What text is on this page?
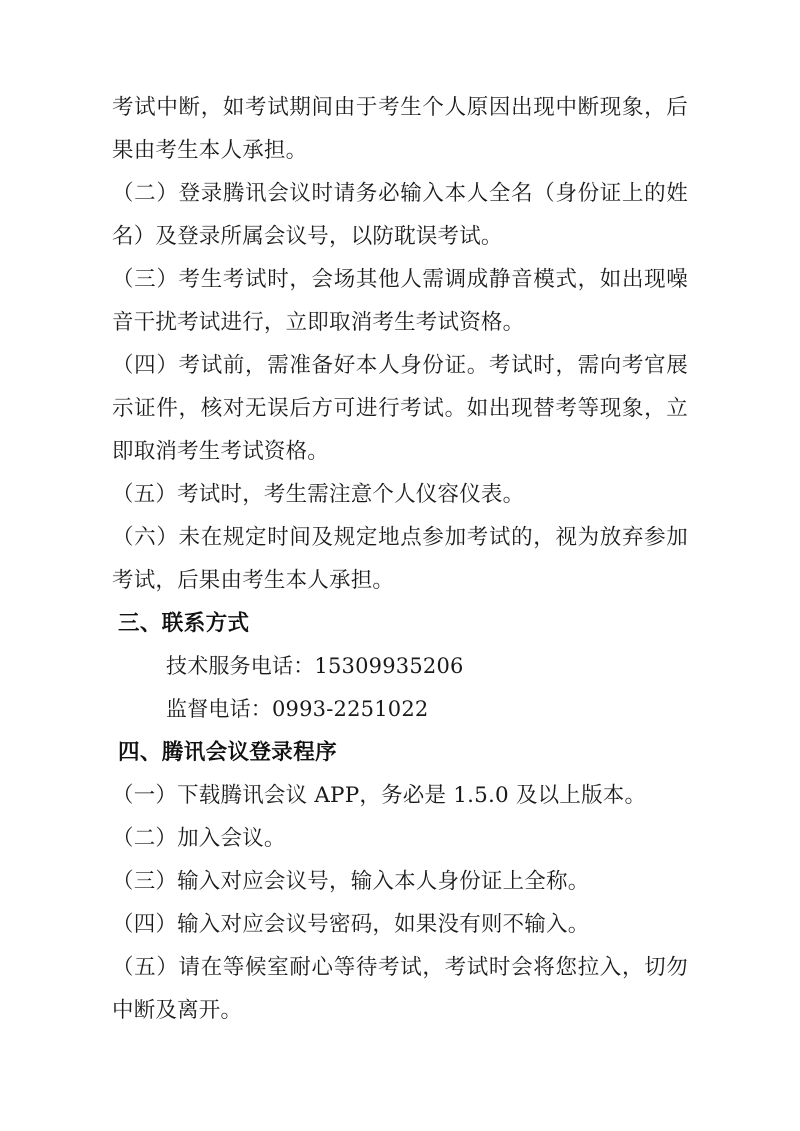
考试中断，如考试期间由于考生个人原因出现中断现象，后果由考生本人承担。

（二）登录腾讯会议时请务必输入本人全名（身份证上的姓名）及登录所属会议号，以防耽误考试。

（三）考生考试时，会场其他人需调成静音模式，如出现噪音干扰考试进行，立即取消考生考试资格。

（四）考试前，需准备好本人身份证。考试时，需向考官展示证件，核对无误后方可进行考试。如出现替考等现象，立即取消考生考试资格。

（五）考试时，考生需注意个人仪容仪表。

（六）未在规定时间及规定地点参加考试的，视为放弃参加考试，后果由考生本人承担。

三、联系方式

技术服务电话：15309935206

监督电话：0993-2251022

四、腾讯会议登录程序

（一）下载腾讯会议 APP，务必是 1.5.0 及以上版本。

（二）加入会议。

（三）输入对应会议号，输入本人身份证上全称。

（四）输入对应会议号密码，如果没有则不输入。

（五）请在等候室耐心等待考试，考试时会将您拉入，切勿中断及离开。
